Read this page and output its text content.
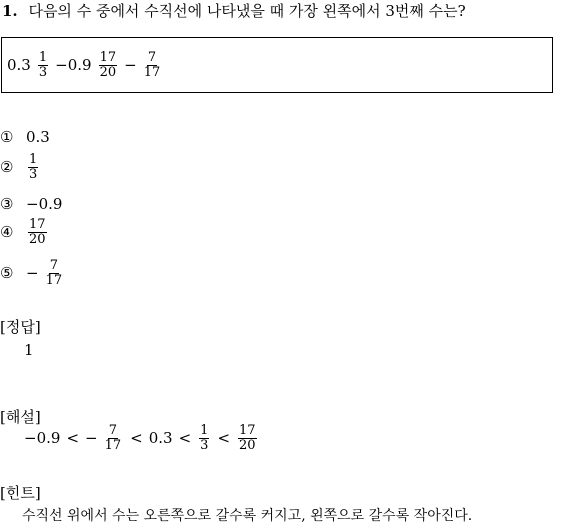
1. 다음의 수 중에서 수직선에 나타냈을 때 가장 왼쪽에서 3번째 수는?
$0.3 \frac{1}{3} -0.9 \frac{17}{20} - \frac{7}{17}$
① 0.3
②	$\frac{1}{3}$
③ −0.9
④	$\frac{17}{20}$
⑤ − $\frac{7}{17}$
[정답]
1
[해설]
−0.9 < − $\frac{7}{17} < 0.3 < \frac{1}{3} < \frac{17}{20}$
[힌트]
수직선 위에서 수는 오른쪽으로 갈수록 커지고, 왼쪽으로 갈수록 작아진다.
